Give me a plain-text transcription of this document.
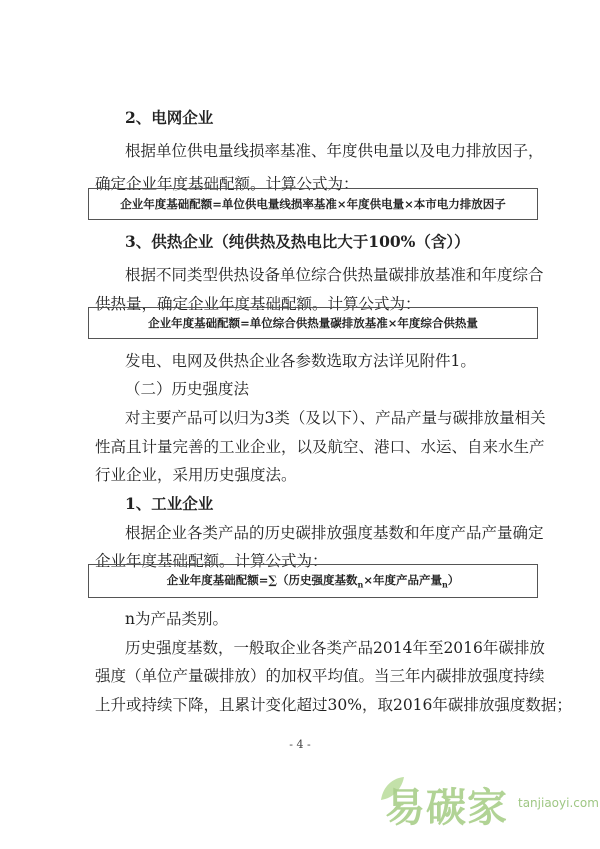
2、电网企业
根据单位供电量线损率基准、年度供电量以及电力排放因子，
确定企业年度基础配额。计算公式为：
企业年度基础配额=单位供电量线损率基准×年度供电量×本市电力排放因子
3、供热企业（纯供热及热电比大于100%（含））
根据不同类型供热设备单位综合供热量碳排放基准和年度综合
供热量，确定企业年度基础配额。计算公式为：
企业年度基础配额=单位综合供热量碳排放基准×年度综合供热量
发电、电网及供热企业各参数选取方法详见附件1。
（二）历史强度法
对主要产品可以归为3类（及以下）、产品产量与碳排放量相关
性高且计量完善的工业企业，以及航空、港口、水运、自来水生产
行业企业，采用历史强度法。
1、工业企业
根据企业各类产品的历史碳排放强度基数和年度产品产量确定
企业年度基础配额。计算公式为：
企业年度基础配额=∑（历史强度基数$_n$×年度产品产量$_n$）
n为产品类别。
历史强度基数，一般取企业各类产品2014年至2016年碳排放
强度（单位产量碳排放）的加权平均值。当三年内碳排放强度持续
上升或持续下降，且累计变化超过30%，取2016年碳排放强度数据；
- 4 -
易碳家 tanjiaoyi.com
